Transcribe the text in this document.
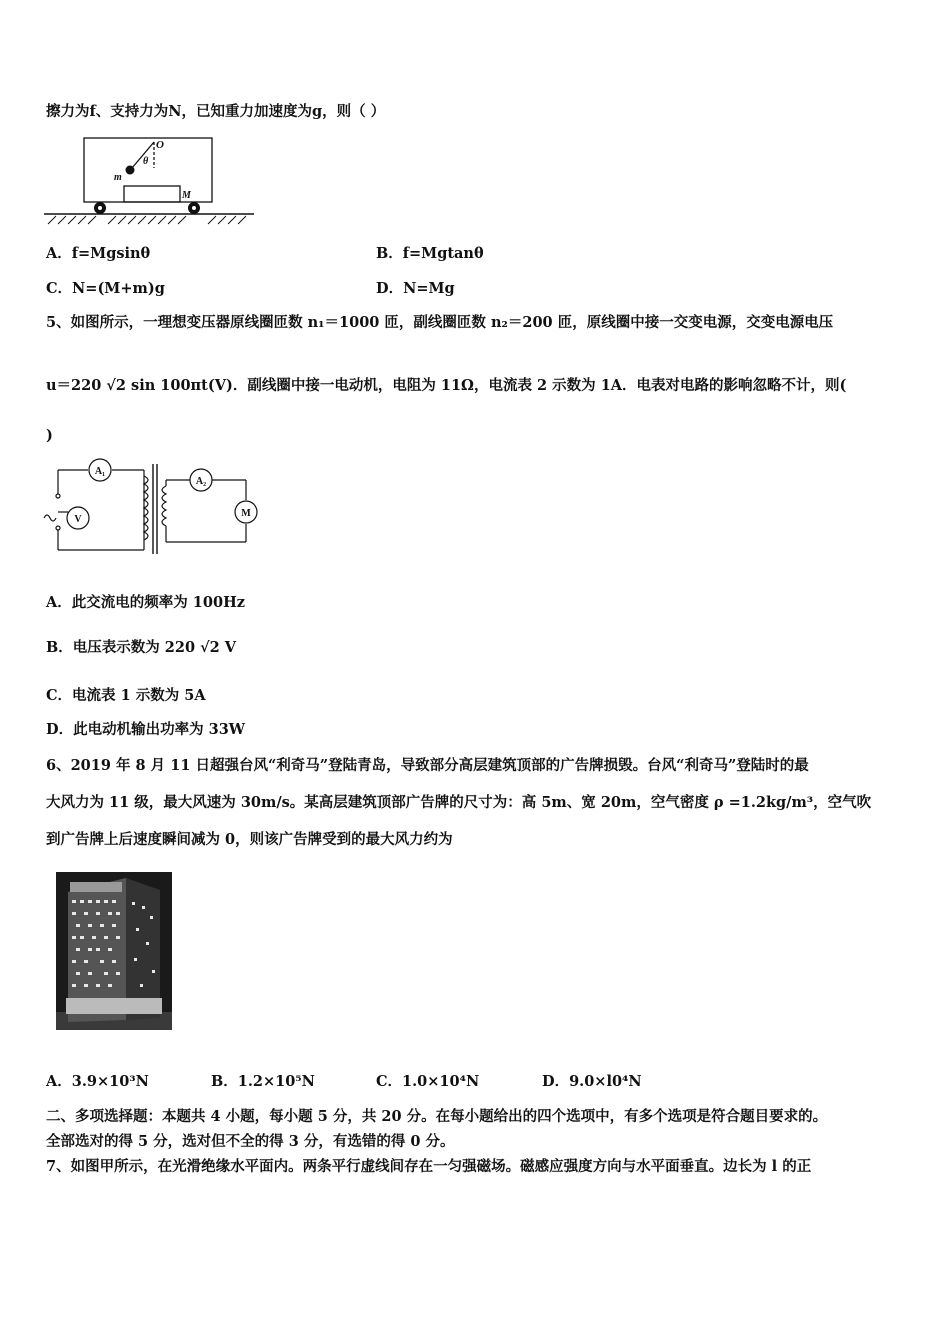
擦力为f、支持力为N，已知重力加速度为g，则（ ）
O
θ
m
M
A．f=Mgsinθ	B．f=Mgtanθ
C．N=(M+m)g	D．N=Mg
5、如图所示，一理想变压器原线圈匝数 n₁＝1000 匝，副线圈匝数 n₂＝200 匝，原线圈中接一交变电源，交变电源电压
u＝220 √2 sin 100πt(V)．副线圈中接一电动机，电阻为 11Ω，电流表 2 示数为 1A．电表对电路的影响忽略不计，则(
)
A₁
A₂
V
M
A．此交流电的频率为 100Hz
B．电压表示数为 220 √2 V
C．电流表 1 示数为 5A
D．此电动机输出功率为 33W
6、2019 年 8 月 11 日超强台风“利奇马”登陆青岛，导致部分高层建筑顶部的广告牌损毁。台风“利奇马”登陆时的最
大风力为 11 级，最大风速为 30m/s。某高层建筑顶部广告牌的尺寸为：高 5m、宽 20m，空气密度 ρ =1.2kg/m³，空气吹
到广告牌上后速度瞬间减为 0，则该广告牌受到的最大风力约为
A．3.9×10³N	B．1.2×10⁵N	C．1.0×10⁴N	D．9.0×l0⁴N
二、多项选择题：本题共 4 小题，每小题 5 分，共 20 分。在每小题给出的四个选项中，有多个选项是符合题目要求的。
全部选对的得 5 分，选对但不全的得 3 分，有选错的得 0 分。
7、如图甲所示，在光滑绝缘水平面内。两条平行虚线间存在一匀强磁场。磁感应强度方向与水平面垂直。边长为 l 的正
